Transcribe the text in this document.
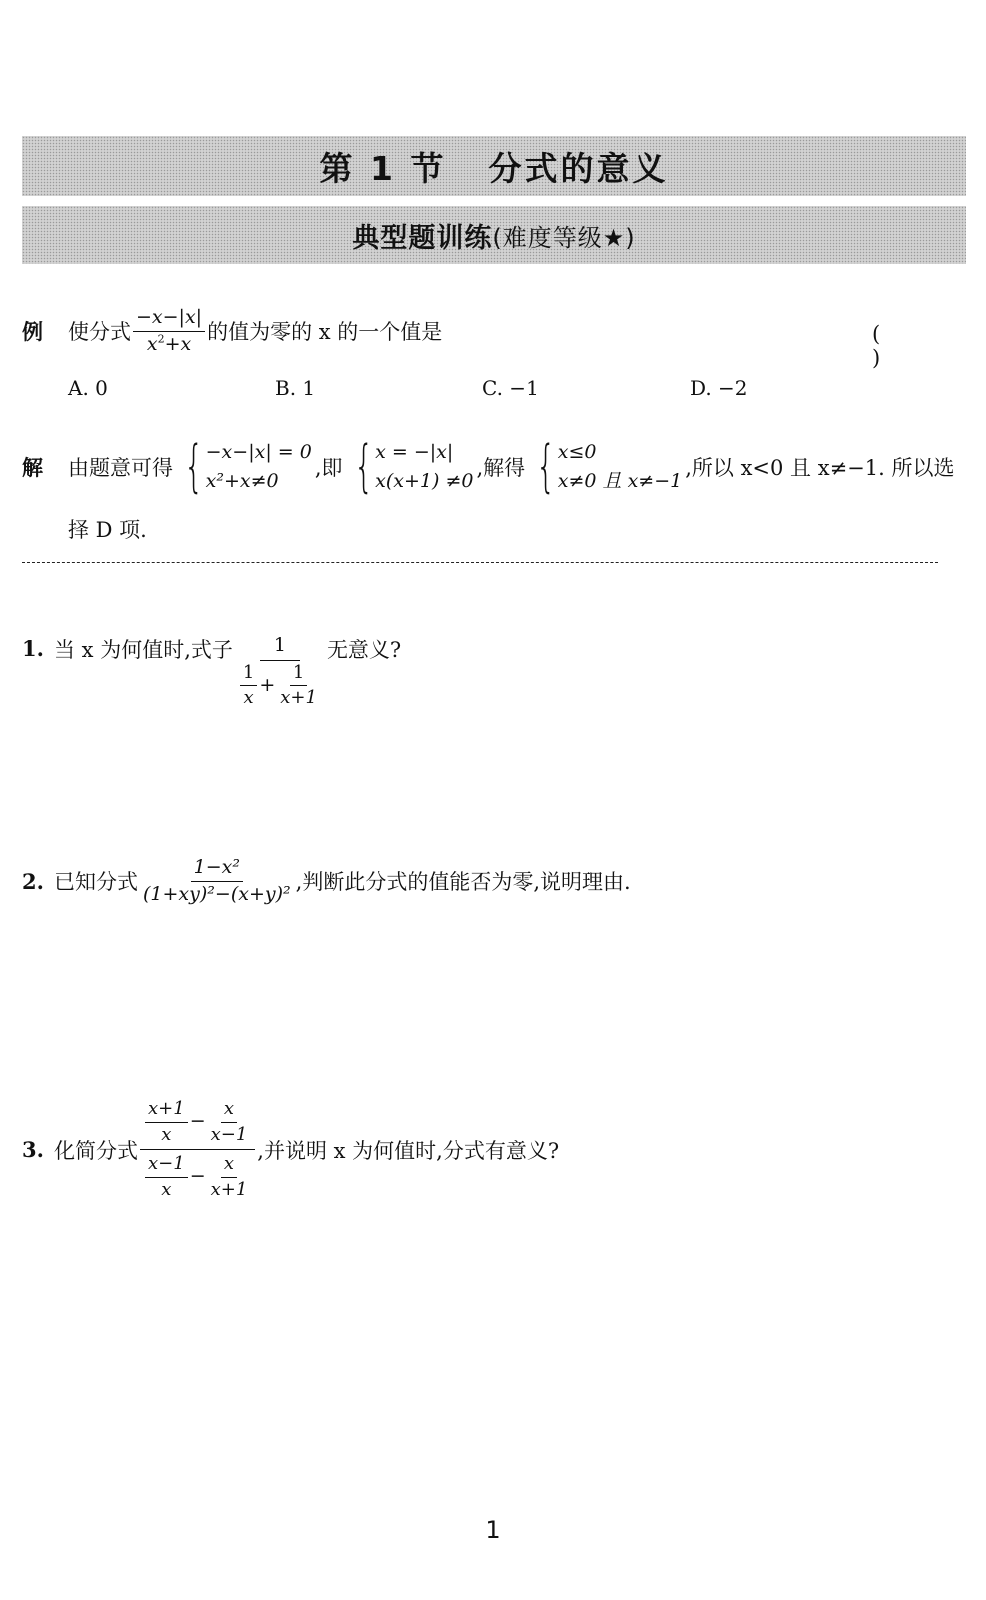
第 1 节 分式的意义
典型题训练 (难度等级★)
例	使分式 $\frac{-x-|x|}{x^2+x}$ 的值为零的 x 的一个值是	( )
A. 0	B. 1	C. −1	D. −2
解	由题意可得 { −x−|x| = 0
x²+x≠0
,即 { x = −|x|
x(x+1) ≠0
,解得 { x≤0
x≠0 且 x≠−1
,所以 x<0 且 x≠−1. 所以选
择 D 项.
1. 当 x 为何值时,式子 $\frac{1}{\frac{1}{x} + \frac{1}{x+1}}$ 无意义?
2. 已知分式 $\frac{\text{1−x²}}{\text{(1+xy)²−(x+y)²}}$ ,判断此分式的值能否为零,说明理由.
3. 化简分式 $\frac{\frac{x+1}{x} - \frac{x}{x-1}}{\frac{x-1}{x} - \frac{x}{x+1}}$ ,并说明 x 为何值时,分式有意义?
1
